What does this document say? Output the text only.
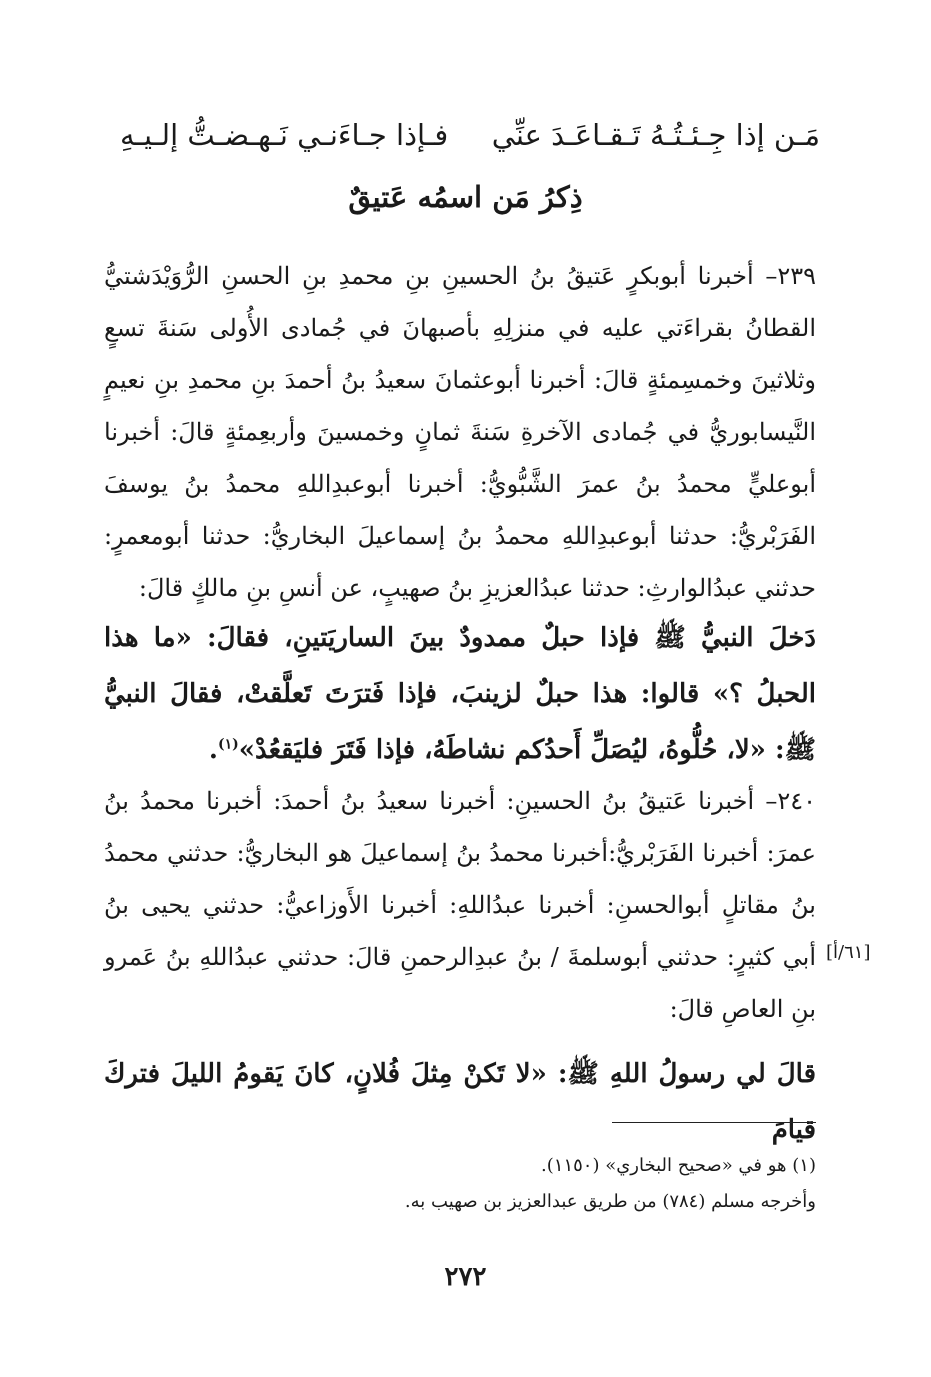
مَـن إذا جِـئـتُـهُ تَـقـاعَـدَ عنِّي
فـإذا جـاءَنـي نَـهـضـتُّ إلـيـهِ
ذِكرُ مَن اسمُه عَتيقٌ
٢٣٩– أخبرنا أبوبكرٍ عَتيقُ بنُ الحسينِ بنِ محمدِ بنِ الحسنِ الرُّوَيْدَشتيُّ القطانُ بقراءَتي عليه في منزلِهِ بأصبهانَ في جُمادى الأُولى سَنةَ تسعٍ وثلاثينَ وخمسِمئةٍ قالَ: أخبرنا أبوعثمانَ سعيدُ بنُ أحمدَ بنِ محمدِ بنِ نعيمٍ النَّيسابوريُّ في جُمادى الآخرةِ سَنةَ ثمانٍ وخمسينَ وأربعِمئةٍ قالَ: أخبرنا أبوعليٍّ محمدُ بنُ عمرَ الشَّبُّويُّ: أخبرنا أبوعبدِاللهِ محمدُ بنُ يوسفَ الفَرَبْريُّ: حدثنا أبوعبدِاللهِ محمدُ بنُ إسماعيلَ البخاريُّ: حدثنا أبومعمرٍ: حدثني عبدُالوارثِ: حدثنا عبدُالعزيزِ بنُ صهيبٍ، عن أنسِ بنِ مالكٍ قالَ:
دَخلَ النبيُّ ﷺ فإذا حبلٌ ممدودٌ بينَ الساريَتينِ، فقالَ: «ما هذا الحبلُ ؟» قالوا: هذا حبلٌ لزينبَ، فإذا فَترَتَ تَعلَّقتْ، فقالَ النبيُّ ﷺ: «لا، حُلُّوهُ، ليُصَلِّ أَحدُكم نشاطَهُ، فإذا فَتَرَ فليَقعُدْ»$^{(١)}$.
٢٤٠– أخبرنا عَتيقُ بنُ الحسينِ: أخبرنا سعيدُ بنُ أحمدَ: أخبرنا محمدُ بنُ عمرَ: أخبرنا الفَرَبْريُّ:أخبرنا محمدُ بنُ إسماعيلَ هو البخاريُّ: حدثني محمدُ بنُ مقاتلٍ أبوالحسنِ: أخبرنا عبدُاللهِ: أخبرنا الأَوزاعيُّ: حدثني يحيى بنُ أبي كثيرٍ: حدثني أبوسلمةَ / بنُ عبدِالرحمنِ قالَ: حدثني عبدُاللهِ بنُ عَمرو بنِ العاصِ قالَ:
[٦١/أ]
قالَ لي رسولُ اللهِ ﷺ: «لا تَكنْ مِثلَ فُلانٍ، كانَ يَقومُ الليلَ فتركَ قيامَ
(١) هو في «صحيح البخاري» (١١٥٠).
وأخرجه مسلم (٧٨٤) من طريق عبدالعزيز بن صهيب به.
٢٧٢
